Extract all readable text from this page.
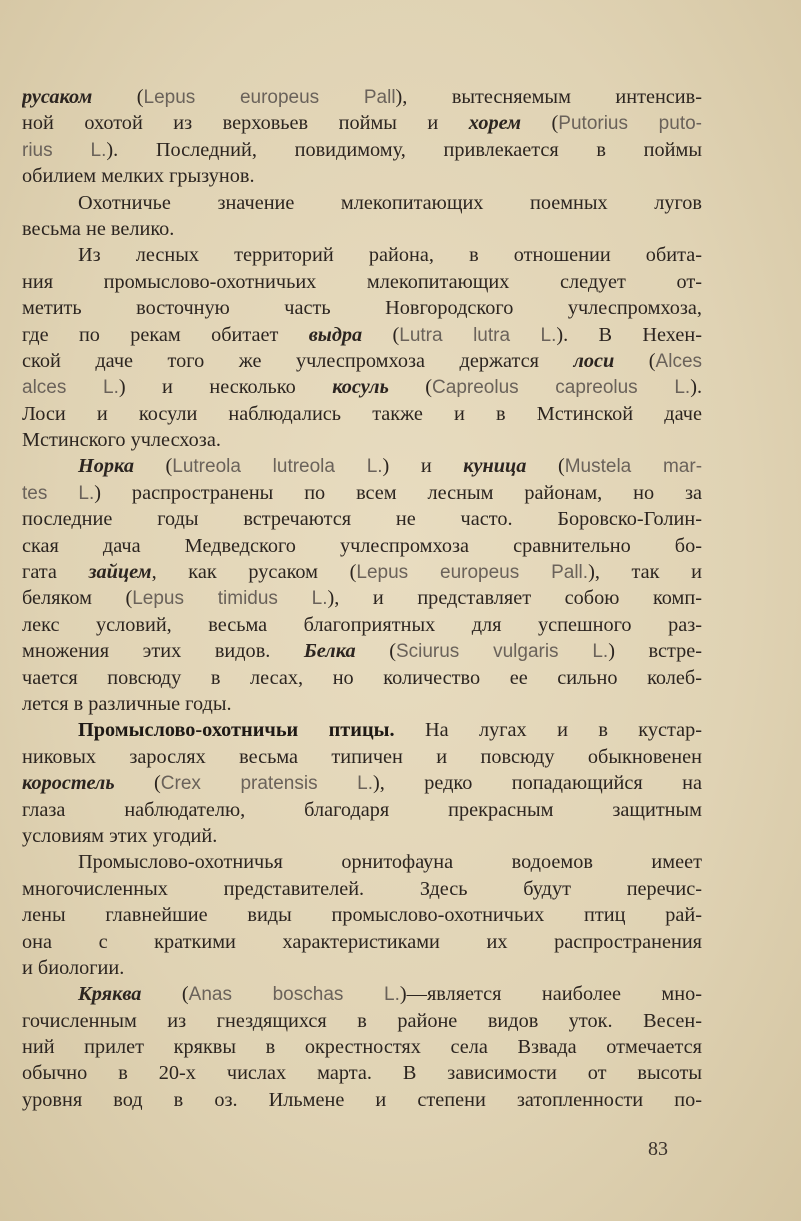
русаком (Lepus europeus Pall), вытесняемым интенсив-
ной охотой из верховьев поймы и хорем (Putorius puto-
rius L.). Последний, повидимому, привлекается в поймы
обилием мелких грызунов.
Охотничье значение млекопитающих поемных лугов
весьма не велико.
Из лесных территорий района, в отношении обита-
ния промыслово-охотничьих млекопитающих следует от-
метить восточную часть Новгородского учлеспромхоза,
где по рекам обитает выдра (Lutra lutra L.). В Нехен-
ской даче того же учлеспромхоза держатся лоси (Alces
alces L.) и несколько косуль (Capreolus capreolus L.).
Лоси и косули наблюдались также и в Мстинской даче
Мстинского учлесхоза.
Норка (Lutreola lutreola L.) и куница (Mustela mar-
tes L.) распространены по всем лесным районам, но за
последние годы встречаются не часто. Боровско-Голин-
ская дача Медведского учлеспромхоза сравнительно бо-
гата зайцем, как русаком (Lepus europeus Pall.), так и
беляком (Lepus timidus L.), и представляет собою комп-
лекс условий, весьма благоприятных для успешного раз-
множения этих видов. Белка (Sciurus vulgaris L.) встре-
чается повсюду в лесах, но количество ее сильно колеб-
лется в различные годы.
Промыслово-охотничьи птицы. На лугах и в кустар-
никовых зарослях весьма типичен и повсюду обыкновенен
коростель (Crex pratensis L.), редко попадающийся на
глаза наблюдателю, благодаря прекрасным защитным
условиям этих угодий.
Промыслово-охотничья орнитофауна водоемов имеет
многочисленных представителей. Здесь будут перечис-
лены главнейшие виды промыслово-охотничьих птиц рай-
она с краткими характеристиками их распространения
и биологии.
Кряква (Anas boschas L.)—является наиболее мно-
гочисленным из гнездящихся в районе видов уток. Весен-
ний прилет кряквы в окрестностях села Взвада отмечается
обычно в 20-х числах марта. В зависимости от высоты
уровня вод в оз. Ильмене и степени затопленности по-
83
